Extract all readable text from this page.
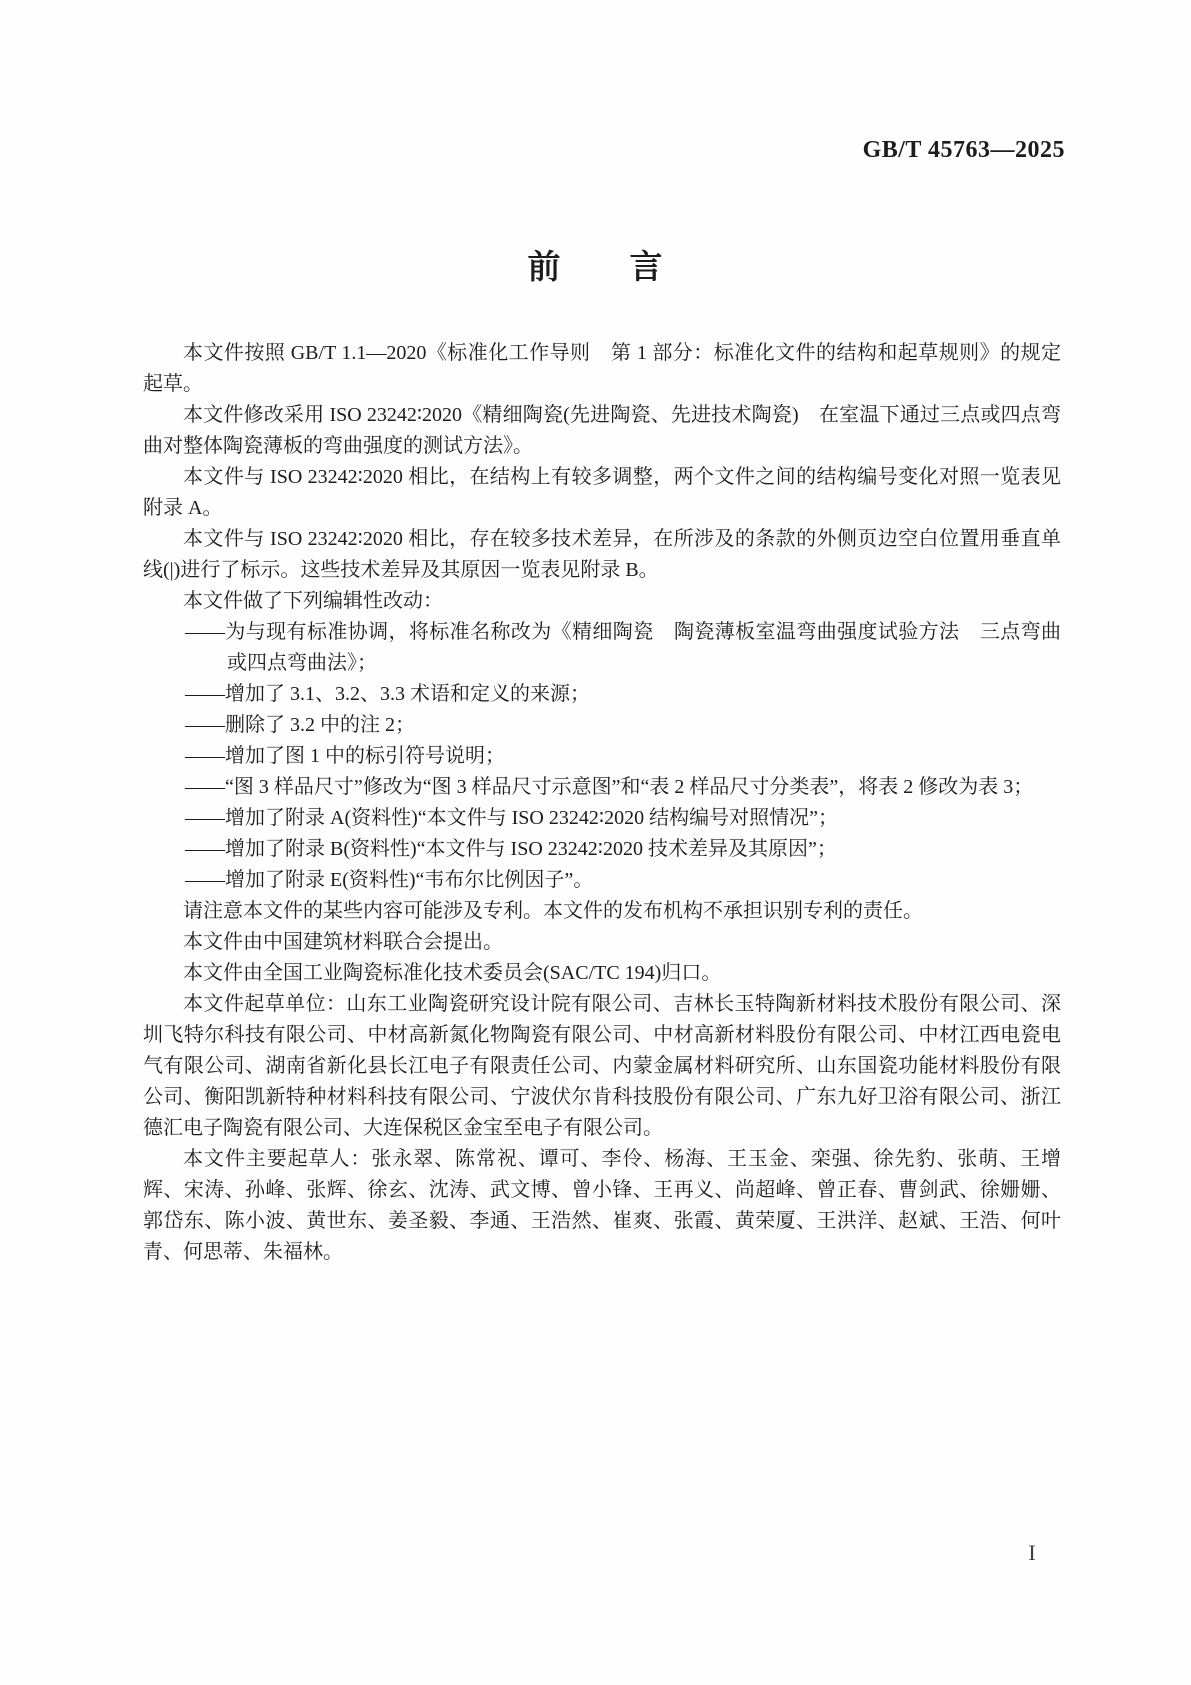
GB/T 45763—2025
前　　言

本文件按照 GB/T 1.1—2020《标准化工作导则　第 1 部分：标准化文件的结构和起草规则》的规定起草。

本文件修改采用 ISO 23242∶2020《精细陶瓷(先进陶瓷、先进技术陶瓷)　在室温下通过三点或四点弯曲对整体陶瓷薄板的弯曲强度的测试方法》。

本文件与 ISO 23242∶2020 相比，在结构上有较多调整，两个文件之间的结构编号变化对照一览表见附录 A。

本文件与 ISO 23242∶2020 相比，存在较多技术差异，在所涉及的条款的外侧页边空白位置用垂直单线(|)进行了标示。这些技术差异及其原因一览表见附录 B。

本文件做了下列编辑性改动：

——为与现有标准协调，将标准名称改为《精细陶瓷　陶瓷薄板室温弯曲强度试验方法　三点弯曲或四点弯曲法》；

——增加了 3.1、3.2、3.3 术语和定义的来源；

——删除了 3.2 中的注 2；

——增加了图 1 中的标引符号说明；

——“图 3 样品尺寸”修改为“图 3 样品尺寸示意图”和“表 2 样品尺寸分类表”，将表 2 修改为表 3；

——增加了附录 A(资料性)“本文件与 ISO 23242∶2020 结构编号对照情况”；

——增加了附录 B(资料性)“本文件与 ISO 23242∶2020 技术差异及其原因”；

——增加了附录 E(资料性)“韦布尔比例因子”。

请注意本文件的某些内容可能涉及专利。本文件的发布机构不承担识别专利的责任。

本文件由中国建筑材料联合会提出。

本文件由全国工业陶瓷标准化技术委员会(SAC/TC 194)归口。

本文件起草单位：山东工业陶瓷研究设计院有限公司、吉林长玉特陶新材料技术股份有限公司、深圳飞特尔科技有限公司、中材高新氮化物陶瓷有限公司、中材高新材料股份有限公司、中材江西电瓷电气有限公司、湖南省新化县长江电子有限责任公司、内蒙金属材料研究所、山东国瓷功能材料股份有限公司、衡阳凯新特种材料科技有限公司、宁波伏尔肯科技股份有限公司、广东九好卫浴有限公司、浙江德汇电子陶瓷有限公司、大连保税区金宝至电子有限公司。

本文件主要起草人：张永翠、陈常祝、谭可、李伶、杨海、王玉金、栾强、徐先豹、张萌、王增辉、宋涛、孙峰、张辉、徐玄、沈涛、武文博、曾小锋、王再义、尚超峰、曾正春、曹剑武、徐姗姗、郭岱东、陈小波、黄世东、姜圣毅、李通、王浩然、崔爽、张霞、黄荣厦、王洪洋、赵斌、王浩、何叶青、何思蒂、朱福林。

I
